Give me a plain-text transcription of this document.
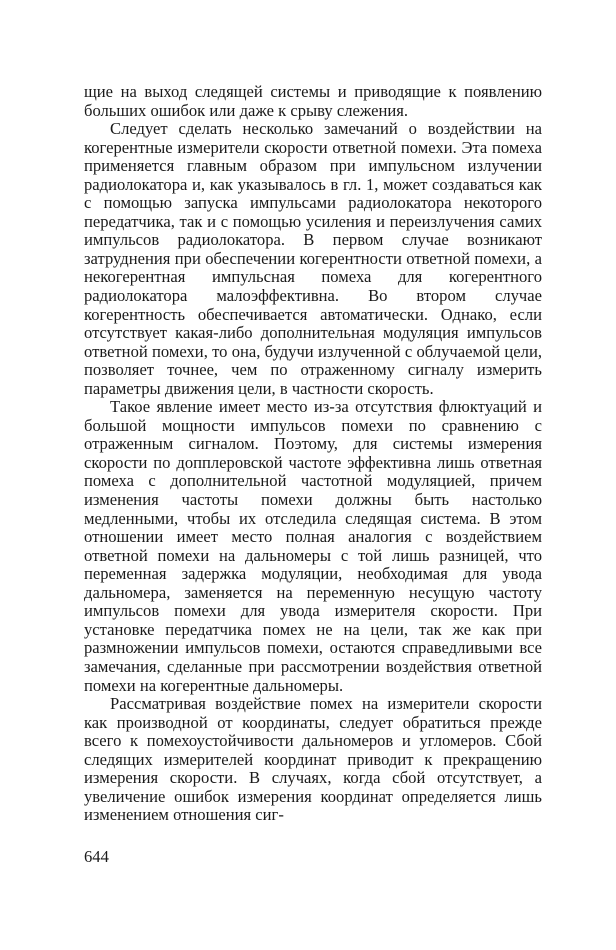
щие на выход следящей системы и приводящие к появлению больших ошибок или даже к срыву слежения.

Следует сделать несколько замечаний о воздействии на когерентные измерители скорости ответной помехи. Эта помеха применяется главным образом при импульсном излучении радиолокатора и, как указывалось в гл. 1, может создаваться как с помощью запуска импульсами радиолокатора некоторого передатчика, так и с помощью усиления и переизлучения самих импульсов радиолокатора. В первом случае возникают затруднения при обеспечении когерентности ответной помехи, а некогерентная импульсная помеха для когерентного радиолокатора малоэффективна. Во втором случае когерентность обеспечивается автоматически. Однако, если отсутствует какая-либо дополнительная модуляция импульсов ответной помехи, то она, будучи излученной с облучаемой цели, позволяет точнее, чем по отраженному сигналу измерить параметры движения цели, в частности скорость.

Такое явление имеет место из-за отсутствия флюктуаций и большой мощности импульсов помехи по сравнению с отраженным сигналом. Поэтому, для системы измерения скорости по допплеровской частоте эффективна лишь ответная помеха с дополнительной частотной модуляцией, причем изменения частоты помехи должны быть настолько медленными, чтобы их отследила следящая система. В этом отношении имеет место полная аналогия с воздействием ответной помехи на дальномеры с той лишь разницей, что переменная задержка модуляции, необходимая для увода дальномера, заменяется на переменную несущую частоту импульсов помехи для увода измерителя скорости. При установке передатчика помех не на цели, так же как при размножении импульсов помехи, остаются справедливыми все замечания, сделанные при рассмотрении воздействия ответной помехи на когерентные дальномеры.

Рассматривая воздействие помех на измерители скорости как производной от координаты, следует обратиться прежде всего к помехоустойчивости дальномеров и угломеров. Сбой следящих измерителей координат приводит к прекращению измерения скорости. В случаях, когда сбой отсутствует, а увеличение ошибок измерения координат определяется лишь изменением отношения сиг-

644
